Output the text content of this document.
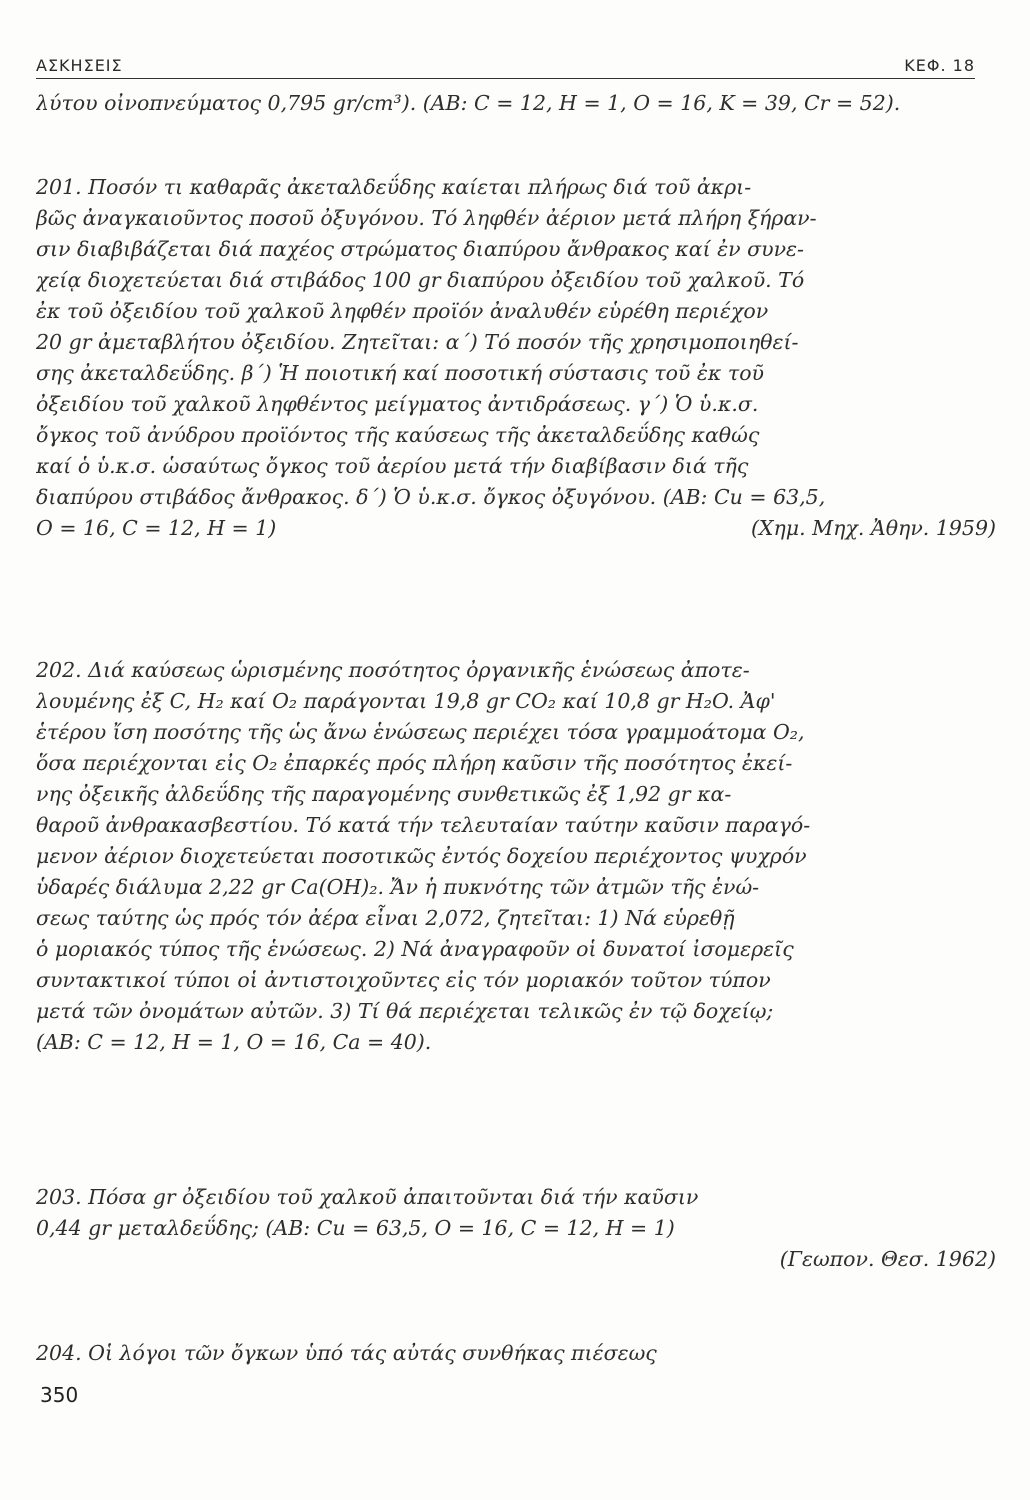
ΑΣΚΗΣΕΙΣ	ΚΕΦ. 18
λύτου οἰνοπνεύματος 0,795 gr/cm³). (ΑΒ: C = 12, H = 1, O = 16, K = 39, Cr = 52).
201. Ποσόν τι καθαρᾶς ἀκεταλδεΰδης καίεται πλήρως διά τοῦ ἀκρι-
βῶς ἀναγκαιοῦντος ποσοῦ ὀξυγόνου. Τό ληφθέν ἀέριον μετά πλήρη ξήραν-
σιν διαβιβάζεται διά παχέος στρώματος διαπύρου ἄνθρακος καί ἐν συνε-
χείᾳ διοχετεύεται διά στιβάδος 100 gr διαπύρου ὀξειδίου τοῦ χαλκοῦ. Τό
ἐκ τοῦ ὀξειδίου τοῦ χαλκοῦ ληφθέν προϊόν ἀναλυθέν εὑρέθη περιέχον
20 gr ἀμεταβλήτου ὀξειδίου. Ζητεῖται: α΄) Τό ποσόν τῆς χρησιμοποιηθεί-
σης ἀκεταλδεΰδης. β΄) Ἡ ποιοτική καί ποσοτική σύστασις τοῦ ἐκ τοῦ
ὀξειδίου τοῦ χαλκοῦ ληφθέντος μείγματος ἀντιδράσεως. γ΄) Ὁ ὑ.κ.σ.
ὄγκος τοῦ ἀνύδρου προϊόντος τῆς καύσεως τῆς ἀκεταλδεΰδης καθώς
καί ὁ ὑ.κ.σ. ὡσαύτως ὄγκος τοῦ ἀερίου μετά τήν διαβίβασιν διά τῆς
διαπύρου στιβάδος ἄνθρακος. δ΄) Ὁ ὑ.κ.σ. ὄγκος ὀξυγόνου. (ΑΒ: Cu = 63,5,
O = 16, C = 12, H = 1)	(Χημ. Μηχ. Ἀθην. 1959)
202. Διά καύσεως ὡρισμένης ποσότητος ὀργανικῆς ἑνώσεως ἀποτε-
λουμένης ἐξ C, H₂ καί O₂ παράγονται 19,8 gr CO₂ καί 10,8 gr H₂O. Ἀφ'
ἑτέρου ἴση ποσότης τῆς ὡς ἄνω ἑνώσεως περιέχει τόσα γραμμοάτομα O₂,
ὅσα περιέχονται εἰς O₂ ἐπαρκές πρός πλήρη καῦσιν τῆς ποσότητος ἐκεί-
νης ὀξεικῆς ἀλδεΰδης τῆς παραγομένης συνθετικῶς ἐξ 1,92 gr κα-
θαροῦ ἀνθρακασβεστίου. Τό κατά τήν τελευταίαν ταύτην καῦσιν παραγό-
μενον ἀέριον διοχετεύεται ποσοτικῶς ἐντός δοχείου περιέχοντος ψυχρόν
ὑδαρές διάλυμα 2,22 gr Ca(OH)₂. Ἄν ἡ πυκνότης τῶν ἀτμῶν τῆς ἑνώ-
σεως ταύτης ὡς πρός τόν ἀέρα εἶναι 2,072, ζητεῖται: 1) Νά εὑρεθῇ
ὁ μοριακός τύπος τῆς ἑνώσεως. 2) Νά ἀναγραφοῦν οἱ δυνατοί ἰσομερεῖς
συντακτικοί τύποι οἱ ἀντιστοιχοῦντες εἰς τόν μοριακόν τοῦτον τύπον
μετά τῶν ὀνομάτων αὐτῶν. 3) Τί θά περιέχεται τελικῶς ἐν τῷ δοχείῳ;
(ΑΒ: C = 12, H = 1, O = 16, Ca = 40).
203. Πόσα gr ὀξειδίου τοῦ χαλκοῦ ἀπαιτοῦνται διά τήν καῦσιν
0,44 gr μεταλδεΰδης; (ΑΒ: Cu = 63,5, O = 16, C = 12, H = 1)
(Γεωπον. Θεσ. 1962)
204. Οἱ λόγοι τῶν ὄγκων ὑπό τάς αὐτάς συνθήκας πιέσεως
350
